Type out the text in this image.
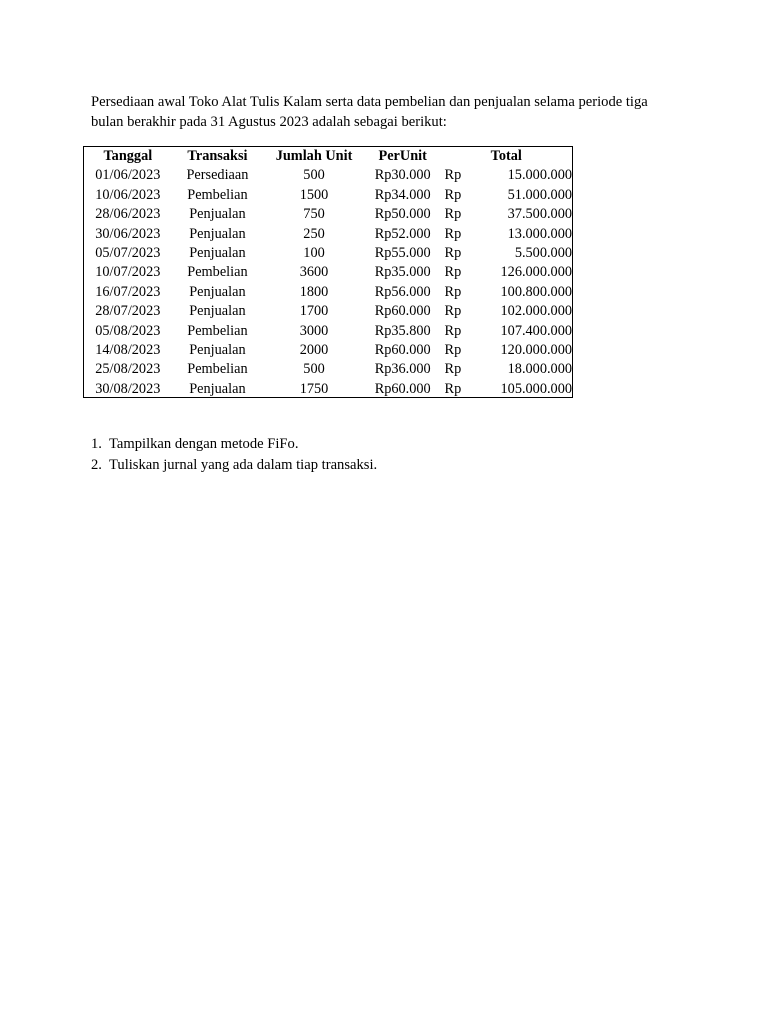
Persediaan awal Toko Alat Tulis Kalam serta data pembelian dan penjualan selama periode tiga
bulan berakhir pada 31 Agustus 2023 adalah sebagai berikut:

Tanggal	Transaksi	Jumlah Unit	PerUnit	Total	
01/06/2023	Persediaan	500	Rp30.000	Rp	15.000.000
10/06/2023	Pembelian	1500	Rp34.000	Rp	51.000.000
28/06/2023	Penjualan	750	Rp50.000	Rp	37.500.000
30/06/2023	Penjualan	250	Rp52.000	Rp	13.000.000
05/07/2023	Penjualan	100	Rp55.000	Rp	5.500.000
10/07/2023	Pembelian	3600	Rp35.000	Rp	126.000.000
16/07/2023	Penjualan	1800	Rp56.000	Rp	100.800.000
28/07/2023	Penjualan	1700	Rp60.000	Rp	102.000.000
05/08/2023	Pembelian	3000	Rp35.800	Rp	107.400.000
14/08/2023	Penjualan	2000	Rp60.000	Rp	120.000.000
25/08/2023	Pembelian	500	Rp36.000	Rp	18.000.000
30/08/2023	Penjualan	1750	Rp60.000	Rp	105.000.000
1. Tampilkan dengan metode FiFo.
2. Tuliskan jurnal yang ada dalam tiap transaksi.
